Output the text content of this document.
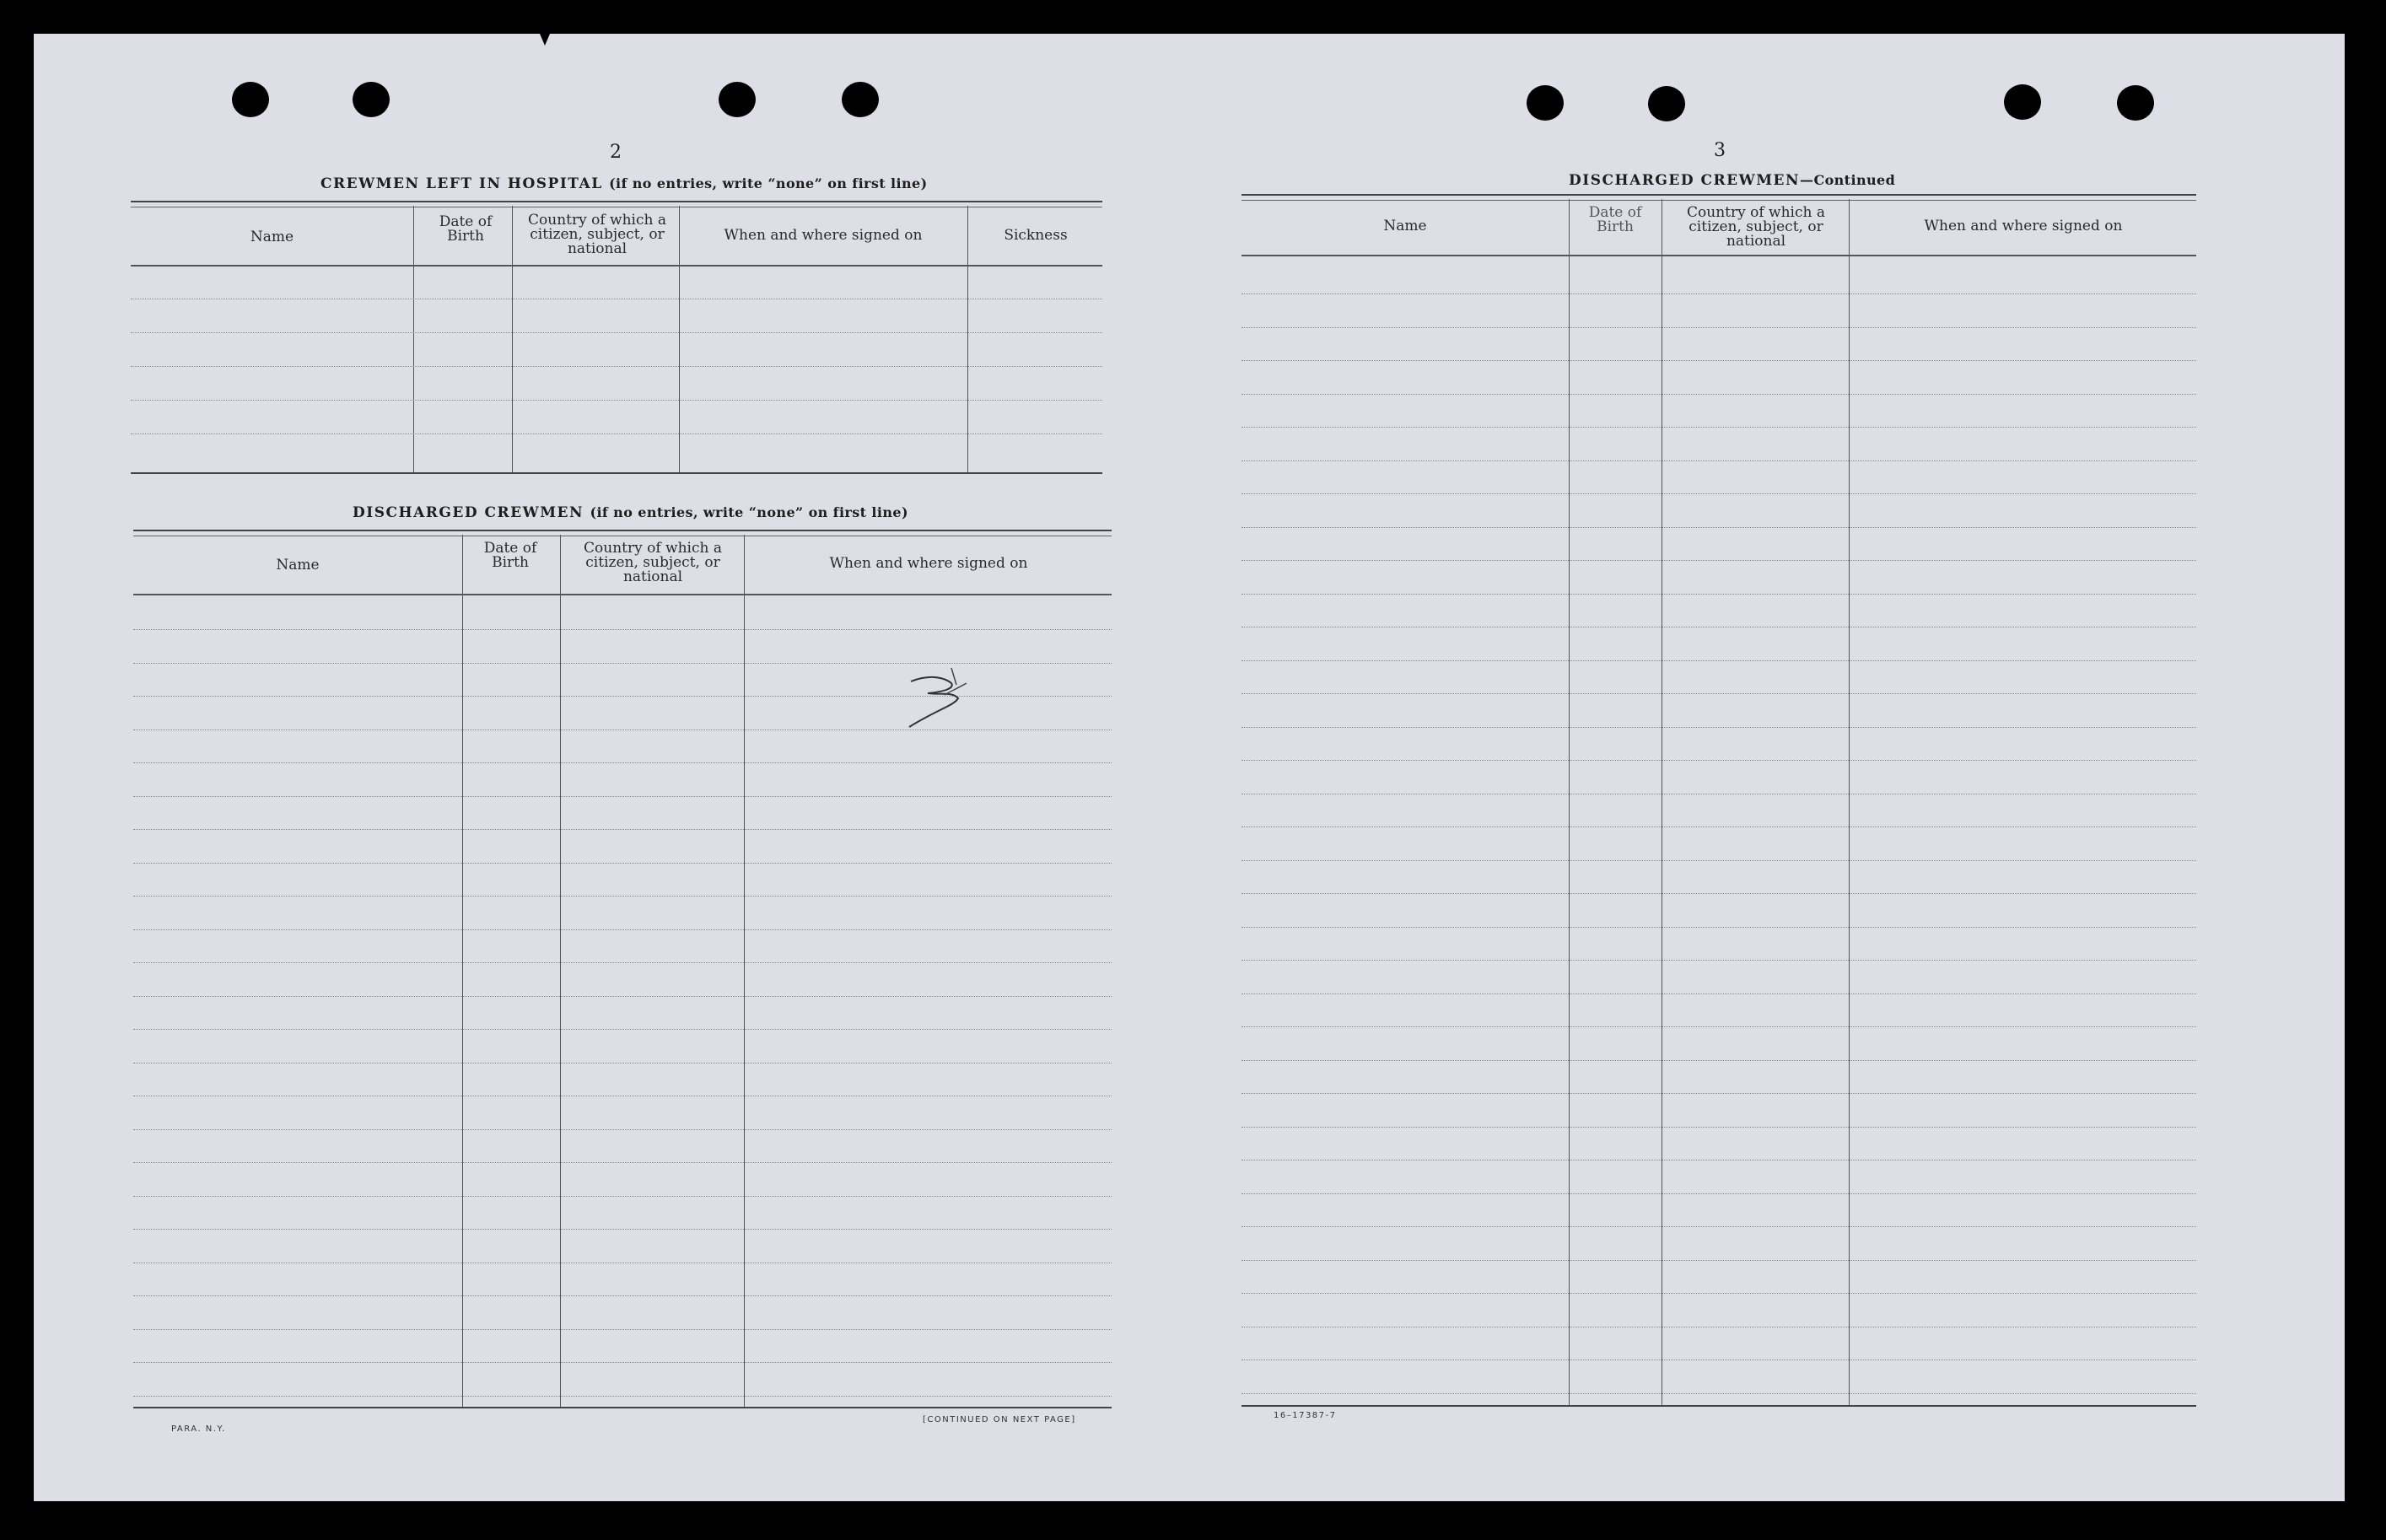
2
CREWMEN LEFT IN HOSPITAL (if no entries, write “none” on first line)
Name
Date of Birth
Country of which a citizen, subject, or national
When and where signed on	Sickness
DISCHARGED CREWMEN (if no entries, write “none” on first line)
Name
Date of Birth
Country of which a citizen, subject, or national
When and where signed on
PARA. N.Y.
[CONTINUED ON NEXT PAGE]
3
DISCHARGED CREWMEN—Continued
Name
Date of Birth
Country of which a citizen, subject, or national
When and where signed on
16–17387-7
